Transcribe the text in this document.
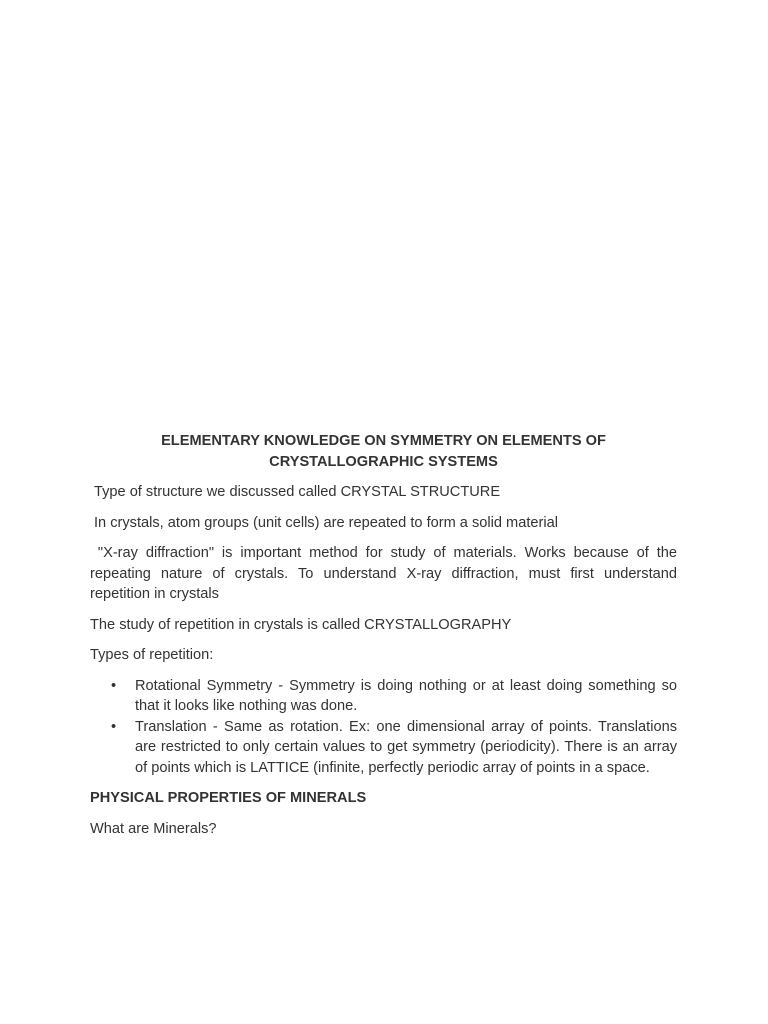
ELEMENTARY KNOWLEDGE ON SYMMETRY ON ELEMENTS OF CRYSTALLOGRAPHIC SYSTEMS

Type of structure we discussed called CRYSTAL STRUCTURE

In crystals, atom groups (unit cells) are repeated to form a solid material

"X-ray diffraction" is important method for study of materials. Works because of the repeating nature of crystals. To understand X-ray diffraction, must first understand repetition in crystals

The study of repetition in crystals is called CRYSTALLOGRAPHY

Types of repetition:

• Rotational Symmetry - Symmetry is doing nothing or at least doing something so that it looks like nothing was done.
• Translation - Same as rotation. Ex: one dimensional array of points. Translations are restricted to only certain values to get symmetry (periodicity). There is an array of points which is LATTICE (infinite, perfectly periodic array of points in a space.

PHYSICAL PROPERTIES OF MINERALS

What are Minerals?
